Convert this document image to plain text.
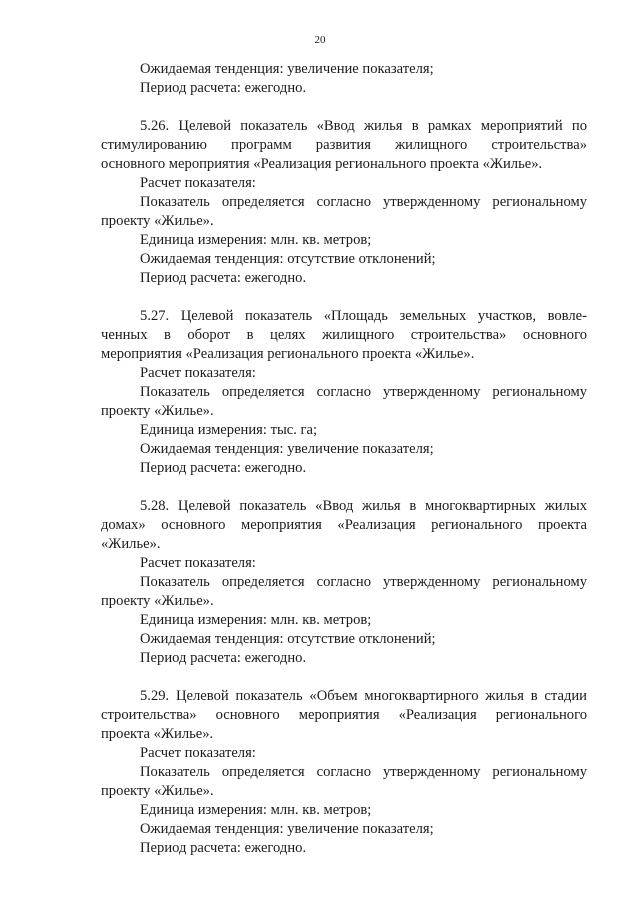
20

Ожидаемая тенденция: увеличение показателя;

Период расчета: ежегодно.

5.26. Целевой показатель «Ввод жилья в рамках мероприятий по

стимулированию программ развития жилищного строительства»

основного мероприятия «Реализация регионального проекта «Жилье».

Расчет показателя:

Показатель определяется согласно утвержденному региональному

проекту «Жилье».

Единица измерения: млн. кв. метров;

Ожидаемая тенденция: отсутствие отклонений;

Период расчета: ежегодно.

5.27. Целевой показатель «Площадь земельных участков, вовле-

ченных в оборот в целях жилищного строительства» основного

мероприятия «Реализация регионального проекта «Жилье».

Расчет показателя:

Показатель определяется согласно утвержденному региональному

проекту «Жилье».

Единица измерения: тыс. га;

Ожидаемая тенденция: увеличение показателя;

Период расчета: ежегодно.

5.28. Целевой показатель «Ввод жилья в многоквартирных жилых

домах» основного мероприятия «Реализация регионального проекта

«Жилье».

Расчет показателя:

Показатель определяется согласно утвержденному региональному

проекту «Жилье».

Единица измерения: млн. кв. метров;

Ожидаемая тенденция: отсутствие отклонений;

Период расчета: ежегодно.

5.29. Целевой показатель «Объем многоквартирного жилья в стадии

строительства» основного мероприятия «Реализация регионального

проекта «Жилье».

Расчет показателя:

Показатель определяется согласно утвержденному региональному

проекту «Жилье».

Единица измерения: млн. кв. метров;

Ожидаемая тенденция: увеличение показателя;

Период расчета: ежегодно.
